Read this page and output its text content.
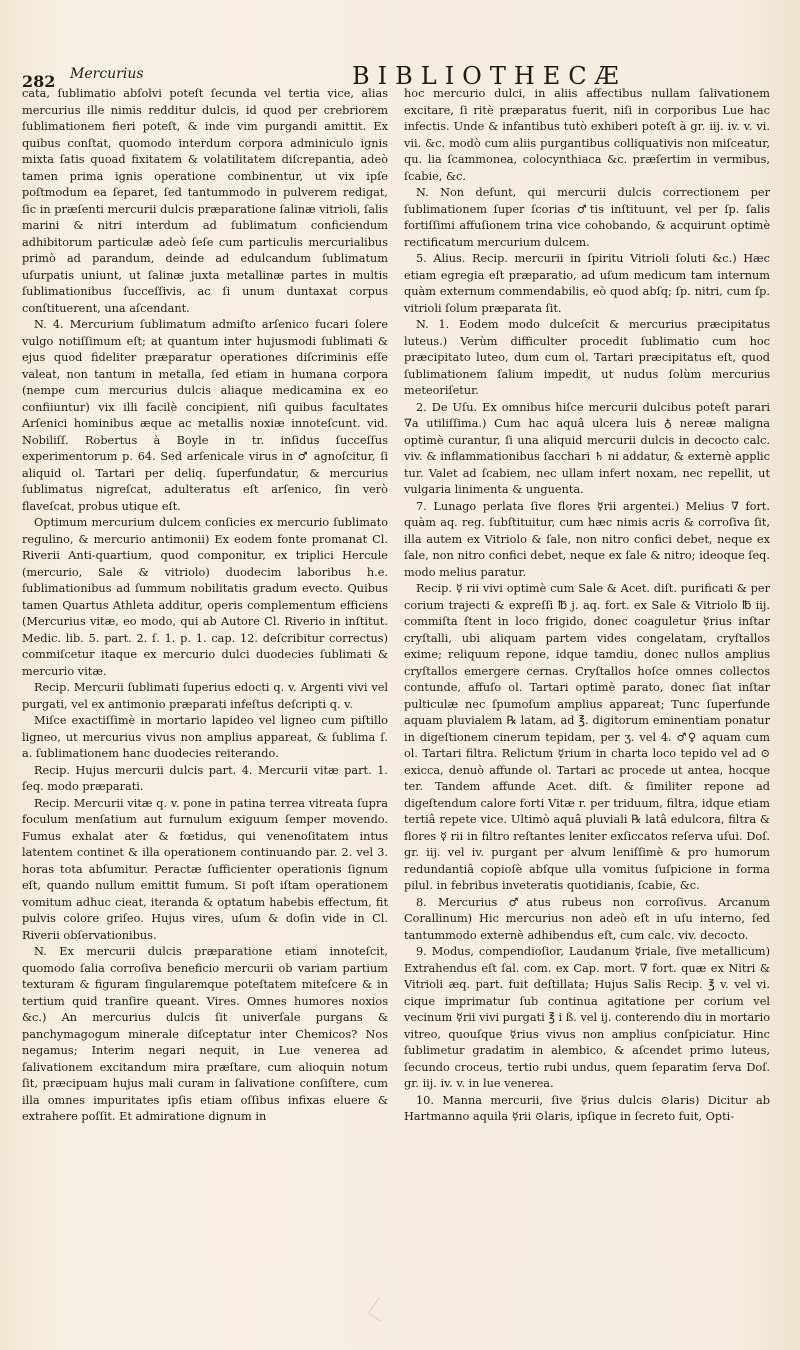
282 Mercurius	BIBLIOTHECÆ

cata, ſublimatio abſolvi poteſt ſecunda vel tertia vice, alias mercurius ille nimis redditur dulcis, id quod per crebriorem ſublimationem fieri poteſt, & inde vim purgandi amittit. Ex quibus conſtat, quomodo interdum corpora adminiculo ignis mixta ſatis quoad fixitatem & volatilitatem diſcrepantia, adeò tamen prima ignis operatione combinentur, ut vix ipſe poſtmodum ea ſeparet, ſed tantummodo in pulverem redigat, ſic in præſenti mercurii dulcis præparatione ſalinæ vitrioli, ſalis marini & nitri interdum ad ſublimatum conficiendum adhibitorum particulæ adeò ſeſe cum particulis mercurialibus primò ad parandum, deinde ad edulcandum ſublimatum uſurpatis uniunt, ut ſalinæ juxta metallinæ partes in multis ſublimationibus ſucceſſivis, ac ſi unum duntaxat corpus conſtituerent, una aſcendant.

N. 4. Mercurium ſublimatum admiſto arſenico fucari ſolere vulgo notiſſimum eſt; at quantum inter hujusmodi ſublimati & ejus quod fideliter præparatur operationes diſcriminis eſſe valeat, non tantum in metalla, ſed etiam in humana corpora (nempe cum mercurius dulcis aliaque medicamina ex eo confiiuntur) vix illi facilè concipient, niſi quibus facultates Arſenici hominibus æque ac metallis noxiæ innoteſcunt. vid. Nobiliſſ. Robertus à Boyle in tr. inſidus ſucceſſus experimentorum p. 64. Sed arſenicale virus in ♂ agnoſcitur, ſi aliquid ol. Tartari per deliq. ſuperfundatur, & mercurius ſublimatus nigreſcat, adulteratus eſt arſenico, ſin verò flaveſcat, probus utique eſt.

Optimum mercurium dulcem conſicies ex mercurio ſublimato regulino, & mercurio antimonii) Ex eodem fonte promanat Cl. Riverii Anti-quartium, quod componitur, ex triplici Hercule (mercurio, Sale & vitriolo) duodecim laboribus h.e. ſublimationibus ad ſummum nobilitatis gradum evecto. Quibus tamen Quartus Athleta additur, operis complementum efficiens (Mercurius vitæ, eo modo, qui ab Autore Cl. Riverio in inſtitut. Medic. lib. 5. part. 2. ſ. 1. p. 1. cap. 12. deſcribitur correctus) commiſcetur itaque ex mercurio dulci duodecies ſublimati & mercurio vitæ.

Recip. Mercurii ſublimati ſuperius edocti q. v. Argenti vivi vel purgati, vel ex antimonio præparati infeſtus deſcripti q. v.

Miſce exactiſſimè in mortario lapideo vel ligneo cum piſtillo ligneo, ut mercurius vivus non amplius appareat, & ſublima ſ. a. ſublimationem hanc duodecies reiterando.

Recip. Hujus mercurii dulcis part. 4. Mercurii vitæ part. 1. ſeq. modo præparati.

Recip. Mercurii vitæ q. v. pone in patina terrea vitreata ſupra foculum menſatium aut furnulum exiguum ſemper movendo. Fumus exhalat ater & fœtidus, qui venenoſitatem intus latentem continet & illa operationem continuando par. 2. vel 3. horas tota abſumitur. Peractæ ſufficienter operationis ſignum eſt, quando nullum emittit fumum. Si poſt iſtam operationem vomitum adhuc cieat, iteranda & optatum habebis effectum, fit pulvis colore griſeo. Hujus vires, uſum & doſin vide in Cl. Riverii obſervationibus.

N. Ex mercurii dulcis præparatione etiam innoteſcit, quomodo ſalia corroſiva beneficio mercurii ob variam partium texturam & figuram ſingularemque poteſtatem miteſcere & in tertium quid tranſire queant. Vires. Omnes humores noxios &c.) An mercurius dulcis ſit univerſale purgans & panchymagogum minerale diſceptatur inter Chemicos? Nos negamus; Interim negari nequit, in Lue venerea ad ſalivationem excitandum mira præſtare, cum alioquin notum ſit, præcipuam hujus mali curam in ſalivatione conſiſtere, cum illa omnes impuritates ipſis etiam oſſibus infixas eluere & extrahere poſſit. Et admiratione dignum in

hoc mercurio dulci, in aliis affectibus nullam ſalivationem excitare, ſi ritè præparatus fuerit, niſi in corporibus Lue hac infectis. Unde & infantibus tutò exhiberi poteſt à gr. iij. iv. v. vi. vii. &c. modò cum aliis purgantibus colliquativis non miſceatur, qu. lia ſcammonea, colocynthiaca &c. præſertim in vermibus, ſcabie, &c.

N. Non deſunt, qui mercurii dulcis correctionem per ſublimationem ſuper ſcorias ♂tis inſtituunt, vel per ſp. ſalis fortiſſimi affuſionem trina vice cohobando, & acquirunt optimè rectificatum mercurium dulcem.

5. Alius. Recip. mercurii in ſpiritu Vitrioli ſoluti &c.) Hæc etiam egregia eſt præparatio, ad uſum medicum tam internum quàm externum commendabilis, eò quod abſq; ſp. nitri, cum ſp. vitrioli ſolum præparata ſit.

N. 1. Eodem modo dulceſcit & mercurius præcipitatus luteus.) Verùm difficulter procedit ſublimatio cum hoc præcipitato luteo, dum cum ol. Tartari præcipitatus eſt, quod ſublimationem ſalium impedit, ut nudus ſolùm mercurius meteoriſetur.

2. De Uſu. Ex omnibus hiſce mercurii dulcibus poteſt parari ∇a utiliſſima.) Cum hac aquâ ulcera luis ♁ nereæ maligna optimè curantur, ſi una aliquid mercurii dulcis in decocto calc. viv. & inflammationibus ſacchari ♄ ni addatur, & externè applic tur. Valet ad ſcabiem, nec ullam infert noxam, nec repellit, ut vulgaria linimenta & unguenta.

7. Lunago perlata ſive flores ☿rii argentei.) Melius ∇ fort. quàm aq. reg. ſubſtituitur, cum hæc nimis acris & corroſiva ſit, illa autem ex Vitriolo & ſale, non nitro confici debet, neque ex ſale, non nitro confici debet, neque ex ſale & nitro; ideoque ſeq. modo melius paratur.

Recip. ☿ rii vivi optimè cum Sale & Acet. diſt. purificati & per corium trajecti & expreſſi ℔ j. aq. fort. ex Sale & Vitriolo ℔ iij. commiſta ſtent in loco frigido, donec coaguletur ☿rius inſtar cryſtalli, ubi aliquam partem vides congelatam, cryſtallos exime; reliquum repone, idque tamdiu, donec nullos amplius cryſtallos emergere cernas. Cryſtallos hoſce omnes collectos contunde, affuſo ol. Tartari optimè parato, donec ſiat inſtar pulticulæ nec ſpumoſum amplius appareat; Tunc ſuperfunde aquam pluvialem ℞ latam, ad ℥. digitorum eminentiam ponatur in digeſtionem cinerum tepidam, per ʒ. vel 4. ♂♀ aquam cum ol. Tartari filtra. Relictum ☿rium in charta loco tepido vel ad ⊙ exicca, denuò affunde ol. Tartari ac procede ut antea, hocque ter. Tandem affunde Acet. diſt. & ſimiliter repone ad digeſtendum calore forti Vitæ r. per triduum, filtra, idque etiam tertiâ repete vice. Ultimò aquâ pluviali ℞ latâ edulcora, filtra & flores ☿ rii in filtro reſtantes leniter exſiccatos reſerva uſui. Doſ. gr. iij. vel iv. purgant per alvum leniſſimè & pro humorum redundantiâ copioſè abſque ulla vomitus ſuſpicione in forma pilul. in febribus inveteratis quotidianis, ſcabie, &c.

8. Mercurius ♂atus rubeus non corroſivus. Arcanum Corallinum) Hic mercurius non adeò eſt in uſu interno, ſed tantummodo externè adhibendus eſt, cum calc. viv. decocto.

9. Modus, compendioſior, Laudanum ☿riale, ſive metallicum) Extrahendus eſt ſal. com. ex Cap. mort. ∇ fort. quæ ex Nitri & Vitrioli æq. part. fuit deſtillata; Hujus Salis Recip. ℥ v. vel vi. cique imprimatur ſub continua agitatione per corium vel vecinum ☿rii vivi purgati ℥ i ß. vel ij. conterendo diu in mortario vitreo, quouſque ☿rius vivus non amplius conſpiciatur. Hinc ſublimetur gradatim in alembico, & aſcendet primo luteus, ſecundo croceus, tertio rubi undus, quem ſeparatim ſerva Doſ. gr. iij. iv. v. in lue venerea.

10. Manna mercurii, ſive ☿rius dulcis ⊙laris) Dicitur ab Hartmanno aquila ☿rii ⊙laris, ipſique in ſecreto fuit, Opti-
